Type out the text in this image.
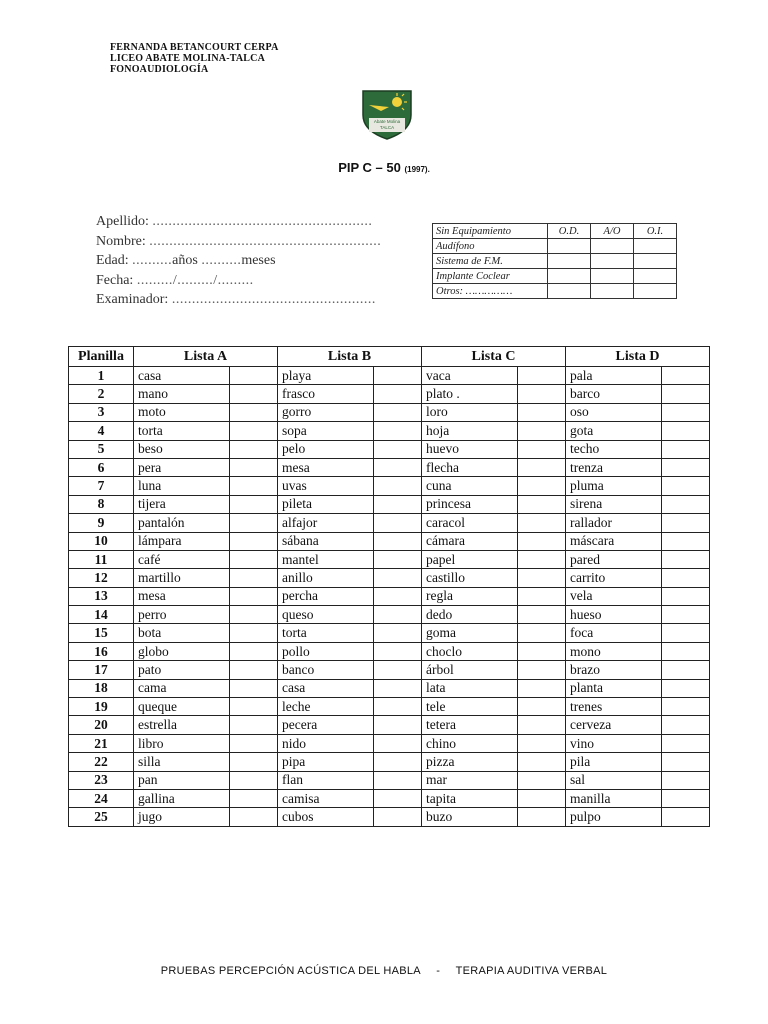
FERNANDA BETANCOURT CERPA
LICEO ABATE MOLINA-TALCA
FONOAUDIOLOGÍA
Abate Molina
TALCA
PIP C – 50 (1997).
Apellido: .......................................................
Nombre: ..........................................................
Edad: ..........años ..........meses
Fecha: ........./........./.........
Examinador: ...................................................
Sin Equipamiento	O.D.	A/O	O.I.
Audífono			
Sistema de F.M.			
Implante Coclear			
Otros: ……………			
Planilla	Lista A		Lista B		Lista C		Lista D	
1	casa		playa		vaca		pala	
2	mano		frasco		plato .		barco	
3	moto		gorro		loro		oso	
4	torta		sopa		hoja		gota	
5	beso		pelo		huevo		techo	
6	pera		mesa		flecha		trenza	
7	luna		uvas		cuna		pluma	
8	tijera		pileta		princesa		sirena	
9	pantalón		alfajor		caracol		rallador	
10	lámpara		sábana		cámara		máscara	
11	café		mantel		papel		pared	
12	martillo		anillo		castillo		carrito	
13	mesa		percha		regla		vela	
14	perro		queso		dedo		hueso	
15	bota		torta		goma		foca	
16	globo		pollo		choclo		mono	
17	pato		banco		árbol		brazo	
18	cama		casa		lata		planta	
19	queque		leche		tele		trenes	
20	estrella		pecera		tetera		cerveza	
21	libro		nido		chino		vino	
22	silla		pipa		pizza		pila	
23	pan		flan		mar		sal	
24	gallina		camisa		tapita		manilla	
25	jugo		cubos		buzo		pulpo	
PRUEBAS PERCEPCIÓN ACÚSTICA DEL HABLA - TERAPIA AUDITIVA VERBAL
